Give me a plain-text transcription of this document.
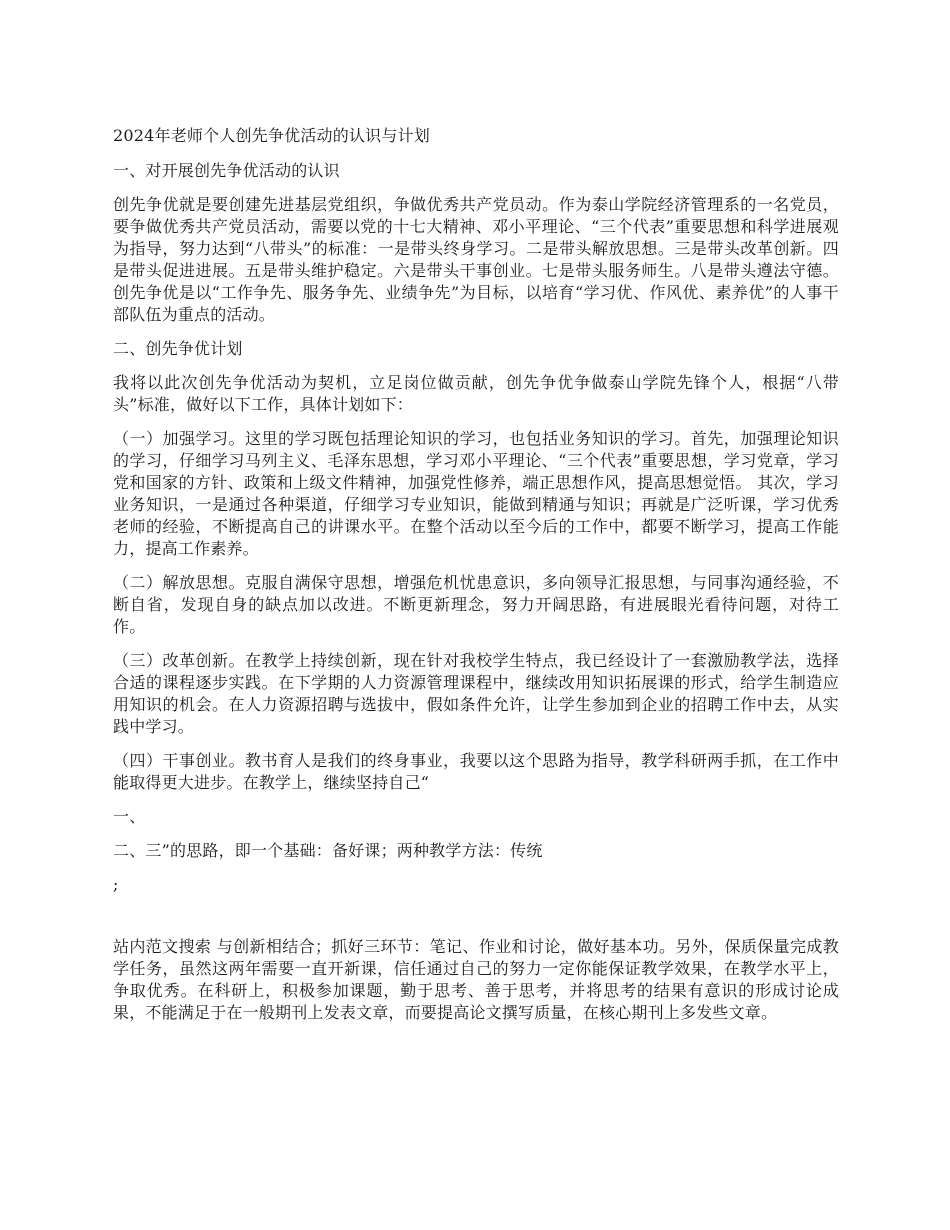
2024年老师个人创先争优活动的认识与计划

一、对开展创先争优活动的认识

创先争优就是要创建先进基层党组织，争做优秀共产党员动。作为泰山学院经济管理系的一名党员，要争做优秀共产党员活动，需要以党的十七大精神、邓小平理论、“三个代表”重要思想和科学进展观为指导，努力达到“八带头”的标准：一是带头终身学习。二是带头解放思想。三是带头改革创新。四是带头促进进展。五是带头维护稳定。六是带头干事创业。七是带头服务师生。八是带头遵法守德。创先争优是以“工作争先、服务争先、业绩争先”为目标，以培育“学习优、作风优、素养优”的人事干部队伍为重点的活动。

二、创先争优计划

我将以此次创先争优活动为契机，立足岗位做贡献，创先争优争做泰山学院先锋个人，根据“八带头”标准，做好以下工作，具体计划如下：

（一）加强学习。这里的学习既包括理论知识的学习，也包括业务知识的学习。首先，加强理论知识的学习，仔细学习马列主义、毛泽东思想，学习邓小平理论、“三个代表”重要思想，学习党章，学习党和国家的方针、政策和上级文件精神，加强党性修养，端正思想作风，提高思想觉悟。 其次，学习业务知识，一是通过各种渠道，仔细学习专业知识，能做到精通与知识；再就是广泛听课，学习优秀老师的经验，不断提高自己的讲课水平。在整个活动以至今后的工作中，都要不断学习，提高工作能力，提高工作素养。

（二）解放思想。克服自满保守思想，增强危机忧患意识，多向领导汇报思想，与同事沟通经验，不断自省，发现自身的缺点加以改进。不断更新理念，努力开阔思路，有进展眼光看待问题，对待工作。

（三）改革创新。在教学上持续创新，现在针对我校学生特点，我已经设计了一套激励教学法，选择合适的课程逐步实践。在下学期的人力资源管理课程中，继续改用知识拓展课的形式，给学生制造应用知识的机会。在人力资源招聘与选拔中，假如条件允许，让学生参加到企业的招聘工作中去，从实践中学习。

（四）干事创业。教书育人是我们的终身事业，我要以这个思路为指导，教学科研两手抓，在工作中能取得更大进步。在教学上，继续坚持自己“

一、

二、三”的思路，即一个基础：备好课；两种教学方法：传统

;

站内范文搜索 与创新相结合；抓好三环节：笔记、作业和讨论，做好基本功。另外，保质保量完成教学任务，虽然这两年需要一直开新课，信任通过自己的努力一定你能保证教学效果，在教学水平上，争取优秀。在科研上，积极参加课题，勤于思考、善于思考，并将思考的结果有意识的形成讨论成果，不能满足于在一般期刊上发表文章，而要提高论文撰写质量，在核心期刊上多发些文章。
